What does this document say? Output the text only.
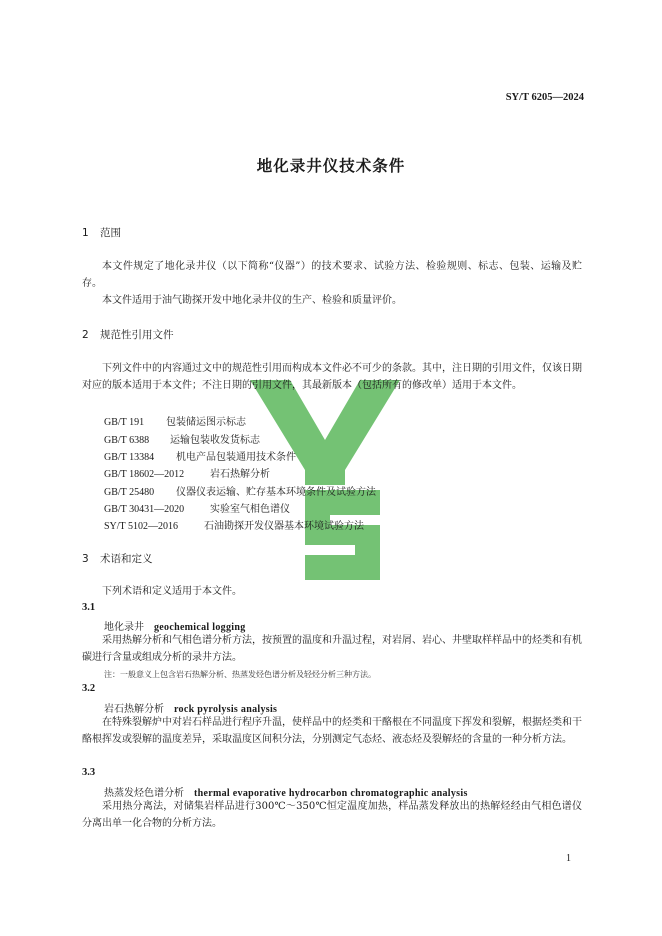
SY/T 6205—2024
地化录井仪技术条件
1 范围
本文件规定了地化录井仪（以下简称“仪器”）的技术要求、试验方法、检验规则、标志、包装、运输及贮存。
本文件适用于油气勘探开发中地化录井仪的生产、检验和质量评价。
2 规范性引用文件
下列文件中的内容通过文中的规范性引用而构成本文件必不可少的条款。其中，注日期的引用文件，仅该日期对应的版本适用于本文件；不注日期的引用文件，其最新版本（包括所有的修改单）适用于本文件。
GB/T 191 包装储运图示标志
GB/T 6388 运输包装收发货标志
GB/T 13384 机电产品包装通用技术条件
GB/T 18602—2012	岩石热解分析
GB/T 25480 仪器仪表运输、贮存基本环境条件及试验方法
GB/T 30431—2020	实验室气相色谱仪
SY/T 5102—2016	石油勘探开发仪器基本环境试验方法
3 术语和定义
下列术语和定义适用于本文件。
3.1
地化录井 geochemical logging
采用热解分析和气相色谱分析方法，按预置的温度和升温过程，对岩屑、岩心、井壁取样样品中的烃类和有机碳进行含量或组成分析的录井方法。
注：一般意义上包含岩石热解分析、热蒸发烃色谱分析及轻烃分析三种方法。
3.2
岩石热解分析 rock pyrolysis analysis
在特殊裂解炉中对岩石样品进行程序升温，使样品中的烃类和干酪根在不同温度下挥发和裂解，根据烃类和干酪根挥发或裂解的温度差异，采取温度区间积分法，分别测定气态烃、液态烃及裂解烃的含量的一种分析方法。
3.3
热蒸发烃色谱分析 thermal evaporative hydrocarbon chromatographic analysis
采用热分离法，对储集岩样品进行300℃～350℃恒定温度加热，样品蒸发释放出的热解烃经由气相色谱仪分离出单一化合物的分析方法。
1
